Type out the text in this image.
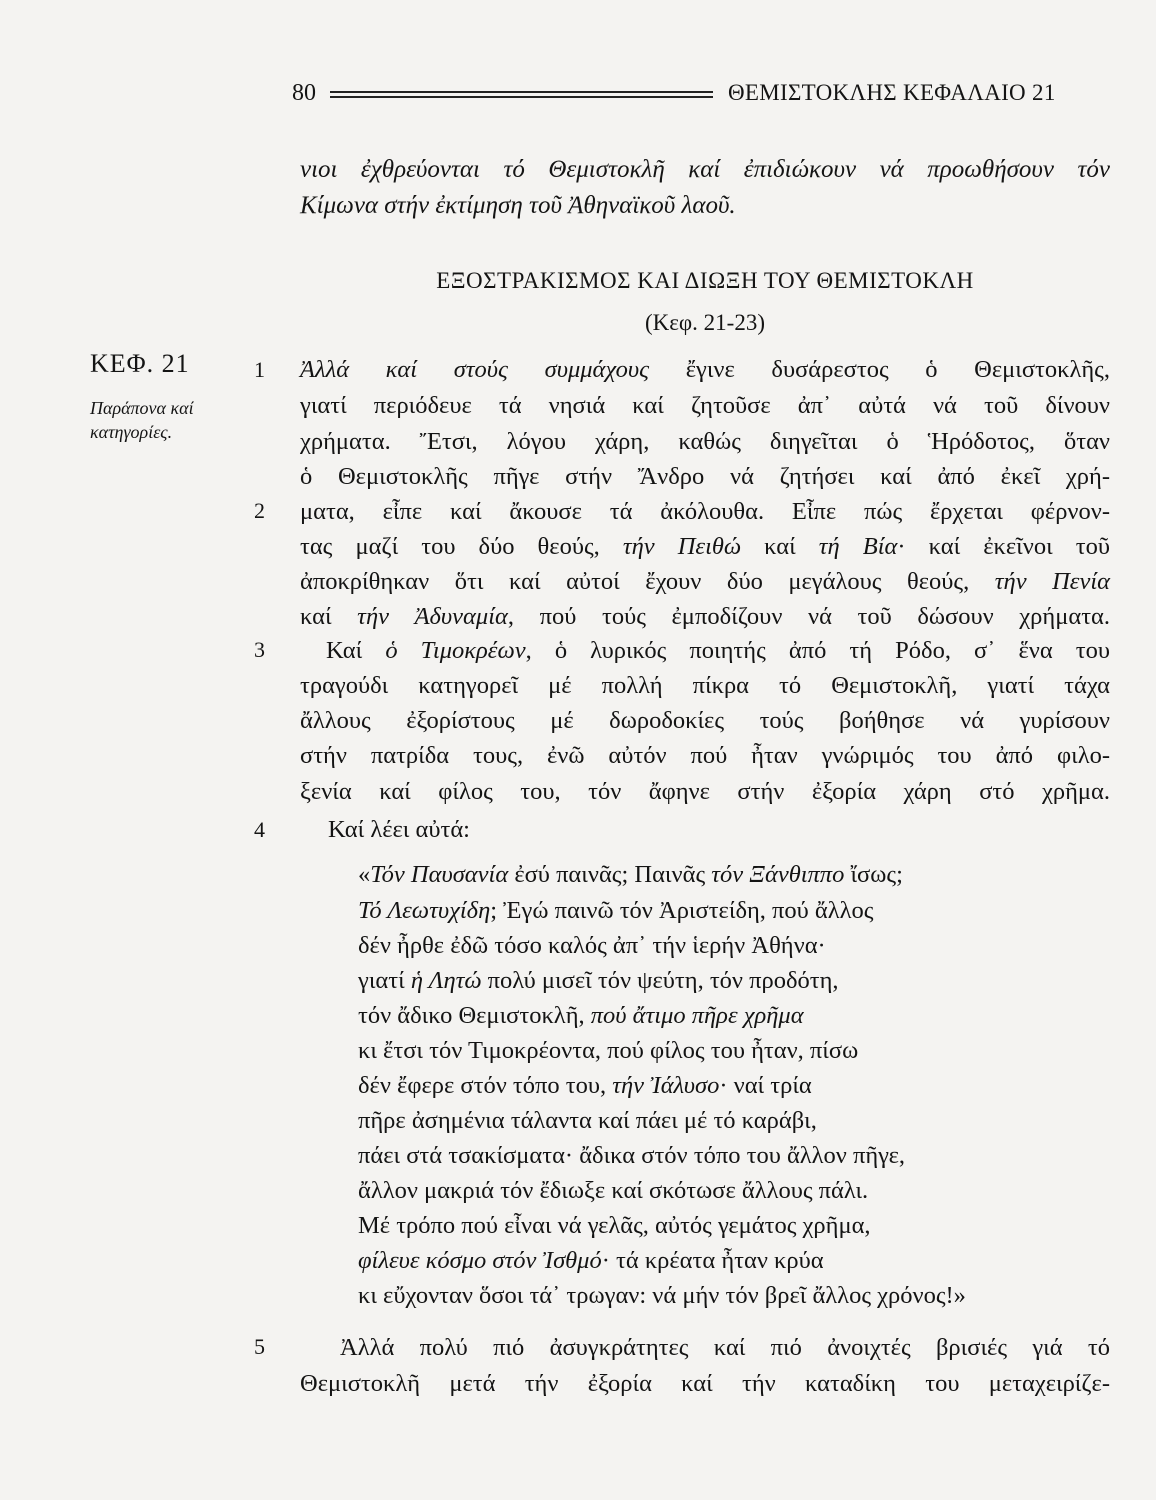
80	ΘΕΜΙΣΤΟΚΛΗΣ ΚΕΦΑΛΑΙΟ 21
νιοι ἐχθρεύονται τό Θεμιστοκλῆ καί ἐπιδιώκουν νά προωθήσουν τόν
Κίμωνα στήν ἐκτίμηση τοῦ Ἀθηναϊκοῦ λαοῦ.
ΕΞΟΣΤΡΑΚΙΣΜΟΣ ΚΑΙ ΔΙΩΞΗ ΤΟΥ ΘΕΜΙΣΤΟΚΛΗ
(Κεφ. 21-23)
ΚΕΦ. 21
Παράπονα καί κατηγορίες.
1
2
3
4
5
Ἀλλά καί στούς συμμάχους ἔγινε δυσάρεστος ὁ Θεμιστοκλῆς,
γιατί περιόδευε τά νησιά καί ζητοῦσε ἀπ᾽ αὐτά νά τοῦ δίνουν
χρήματα. Ἔτσι, λόγου χάρη, καθώς διηγεῖται ὁ Ἡρόδοτος, ὅταν
ὁ Θεμιστοκλῆς πῆγε στήν Ἄνδρο νά ζητήσει καί ἀπό ἐκεῖ χρή-
ματα, εἶπε καί ἄκουσε τά ἀκόλουθα. Εἶπε πώς ἔρχεται φέρνον-
τας μαζί του δύο θεούς, τήν Πειθώ καί τή Βία· καί ἐκεῖνοι τοῦ
ἀποκρίθηκαν ὅτι καί αὐτοί ἔχουν δύο μεγάλους θεούς, τήν Πενία
καί τήν Ἀδυναμία, πού τούς ἐμποδίζουν νά τοῦ δώσουν χρήματα.
Καί ὁ Τιμοκρέων, ὁ λυρικός ποιητής ἀπό τή Ρόδο, σ᾽ ἕνα του
τραγούδι κατηγορεῖ μέ πολλή πίκρα τό Θεμιστοκλῆ, γιατί τάχα
ἄλλους ἐξορίστους μέ δωροδοκίες τούς βοήθησε νά γυρίσουν
στήν πατρίδα τους, ἐνῶ αὐτόν πού ἦταν γνώριμός του ἀπό φιλο-
ξενία καί φίλος του, τόν ἄφηνε στήν ἐξορία χάρη στό χρῆμα.
Καί λέει αὐτά:
«Τόν Παυσανία ἐσύ παινᾶς; Παινᾶς τόν Ξάνθιππο ἴσως;
Τό Λεωτυχίδη; Ἐγώ παινῶ τόν Ἀριστείδη, πού ἄλλος
δέν ἦρθε ἐδῶ τόσο καλός ἀπ᾽ τήν ἱερήν Ἀθήνα·
γιατί ἡ Λητώ πολύ μισεῖ τόν ψεύτη, τόν προδότη,
τόν ἄδικο Θεμιστοκλῆ, πού ἄτιμο πῆρε χρῆμα
κι ἔτσι τόν Τιμοκρέοντα, πού φίλος του ἦταν, πίσω
δέν ἔφερε στόν τόπο του, τήν Ἰάλυσο· ναί τρία
πῆρε ἀσημένια τάλαντα καί πάει μέ τό καράβι,
πάει στά τσακίσματα· ἄδικα στόν τόπο του ἄλλον πῆγε,
ἄλλον μακριά τόν ἔδιωξε καί σκότωσε ἄλλους πάλι.
Μέ τρόπο πού εἶναι νά γελᾶς, αὐτός γεμάτος χρῆμα,
φίλευε κόσμο στόν Ἰσθμό· τά κρέατα ἦταν κρύα
κι εὔχονταν ὅσοι τά᾽ τρωγαν: νά μήν τόν βρεῖ ἄλλος χρόνος!»
Ἀλλά πολύ πιό ἀσυγκράτητες καί πιό ἀνοιχτές βρισιές γιά τό
Θεμιστοκλῆ μετά τήν ἐξορία καί τήν καταδίκη του μεταχειρίζε-
